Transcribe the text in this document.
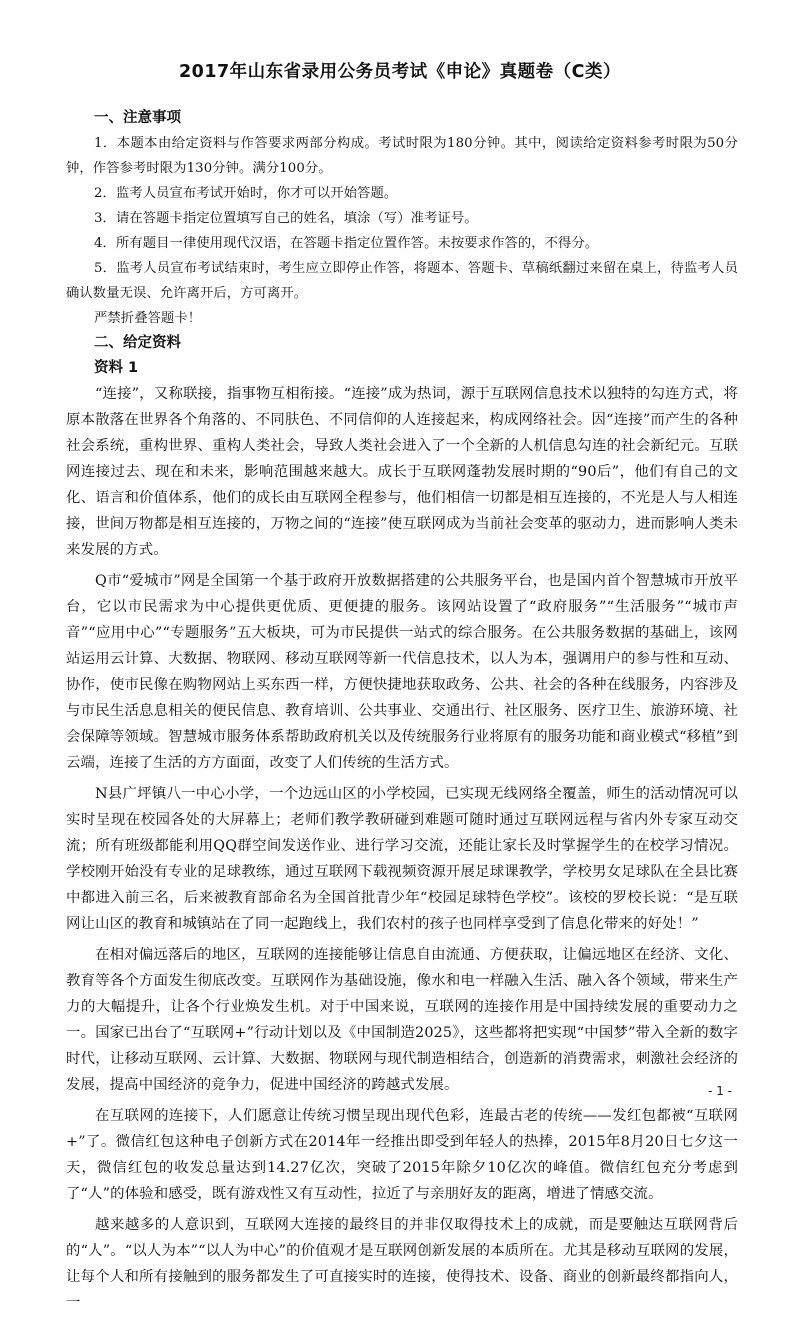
2017年山东省录用公务员考试《申论》真题卷（C类）

一、注意事项

1．本题本由给定资料与作答要求两部分构成。考试时限为180分钟。其中，阅读给定资料参考时限为50分钟，作答参考时限为130分钟。满分100分。

2．监考人员宣布考试开始时，你才可以开始答题。

3．请在答题卡指定位置填写自己的姓名，填涂（写）准考证号。

4．所有题目一律使用现代汉语，在答题卡指定位置作答。未按要求作答的，不得分。

5．监考人员宣布考试结束时，考生应立即停止作答，将题本、答题卡、草稿纸翻过来留在桌上，待监考人员确认数量无误、允许离开后，方可离开。

严禁折叠答题卡！

二、给定资料

资料 1

“连接”，又称联接，指事物互相衔接。“连接”成为热词，源于互联网信息技术以独特的勾连方式，将原本散落在世界各个角落的、不同肤色、不同信仰的人连接起来，构成网络社会。因“连接”而产生的各种社会系统，重构世界、重构人类社会，导致人类社会进入了一个全新的人机信息勾连的社会新纪元。互联网连接过去、现在和未来，影响范围越来越大。成长于互联网蓬勃发展时期的“90后”，他们有自己的文化、语言和价值体系，他们的成长由互联网全程参与，他们相信一切都是相互连接的，不光是人与人相连接，世间万物都是相互连接的，万物之间的“连接”使互联网成为当前社会变革的驱动力，进而影响人类未来发展的方式。

Q市“爱城市”网是全国第一个基于政府开放数据搭建的公共服务平台，也是国内首个智慧城市开放平台，它以市民需求为中心提供更优质、更便捷的服务。该网站设置了“政府服务”“生活服务”“城市声音”“应用中心”“专题服务”五大板块，可为市民提供一站式的综合服务。在公共服务数据的基础上，该网站运用云计算、大数据、物联网、移动互联网等新一代信息技术，以人为本，强调用户的参与性和互动、协作，使市民像在购物网站上买东西一样，方便快捷地获取政务、公共、社会的各种在线服务，内容涉及与市民生活息息相关的便民信息、教育培训、公共事业、交通出行、社区服务、医疗卫生、旅游环境、社会保障等领域。智慧城市服务体系帮助政府机关以及传统服务行业将原有的服务功能和商业模式“移植”到云端，连接了生活的方方面面，改变了人们传统的生活方式。

N县广坪镇八一中心小学，一个边远山区的小学校园，已实现无线网络全覆盖，师生的活动情况可以实时呈现在校园各处的大屏幕上；老师们教学教研碰到难题可随时通过互联网远程与省内外专家互动交流；所有班级都能利用QQ群空间发送作业、进行学习交流，还能让家长及时掌握学生的在校学习情况。学校刚开始没有专业的足球教练，通过互联网下载视频资源开展足球课教学，学校男女足球队在全县比赛中都进入前三名，后来被教育部命名为全国首批青少年“校园足球特色学校”。该校的罗校长说：“是互联网让山区的教育和城镇站在了同一起跑线上，我们农村的孩子也同样享受到了信息化带来的好处！”

在相对偏远落后的地区，互联网的连接能够让信息自由流通、方便获取，让偏远地区在经济、文化、教育等各个方面发生彻底改变。互联网作为基础设施，像水和电一样融入生活、融入各个领域，带来生产力的大幅提升，让各个行业焕发生机。对于中国来说，互联网的连接作用是中国持续发展的重要动力之一。国家已出台了“互联网+”行动计划以及《中国制造2025》，这些都将把实现“中国梦”带入全新的数字时代，让移动互联网、云计算、大数据、物联网与现代制造相结合，创造新的消费需求，刺激社会经济的发展，提高中国经济的竞争力，促进中国经济的跨越式发展。

在互联网的连接下，人们愿意让传统习惯呈现出现代色彩，连最古老的传统——发红包都被“互联网+”了。微信红包这种电子创新方式在2014年一经推出即受到年轻人的热捧，2015年8月20日七夕这一天，微信红包的收发总量达到14.27亿次，突破了2015年除夕10亿次的峰值。微信红包充分考虑到了“人”的体验和感受，既有游戏性又有互动性，拉近了与亲朋好友的距离，增进了情感交流。

越来越多的人意识到，互联网大连接的最终目的并非仅取得技术上的成就，而是要触达互联网背后的“人”。“以人为本”“以人为中心”的价值观才是互联网创新发展的本质所在。尤其是移动互联网的发展，让每个人和所有接触到的服务都发生了可直接实时的连接，使得技术、设备、商业的创新最终都指向人，一

- 1 -
